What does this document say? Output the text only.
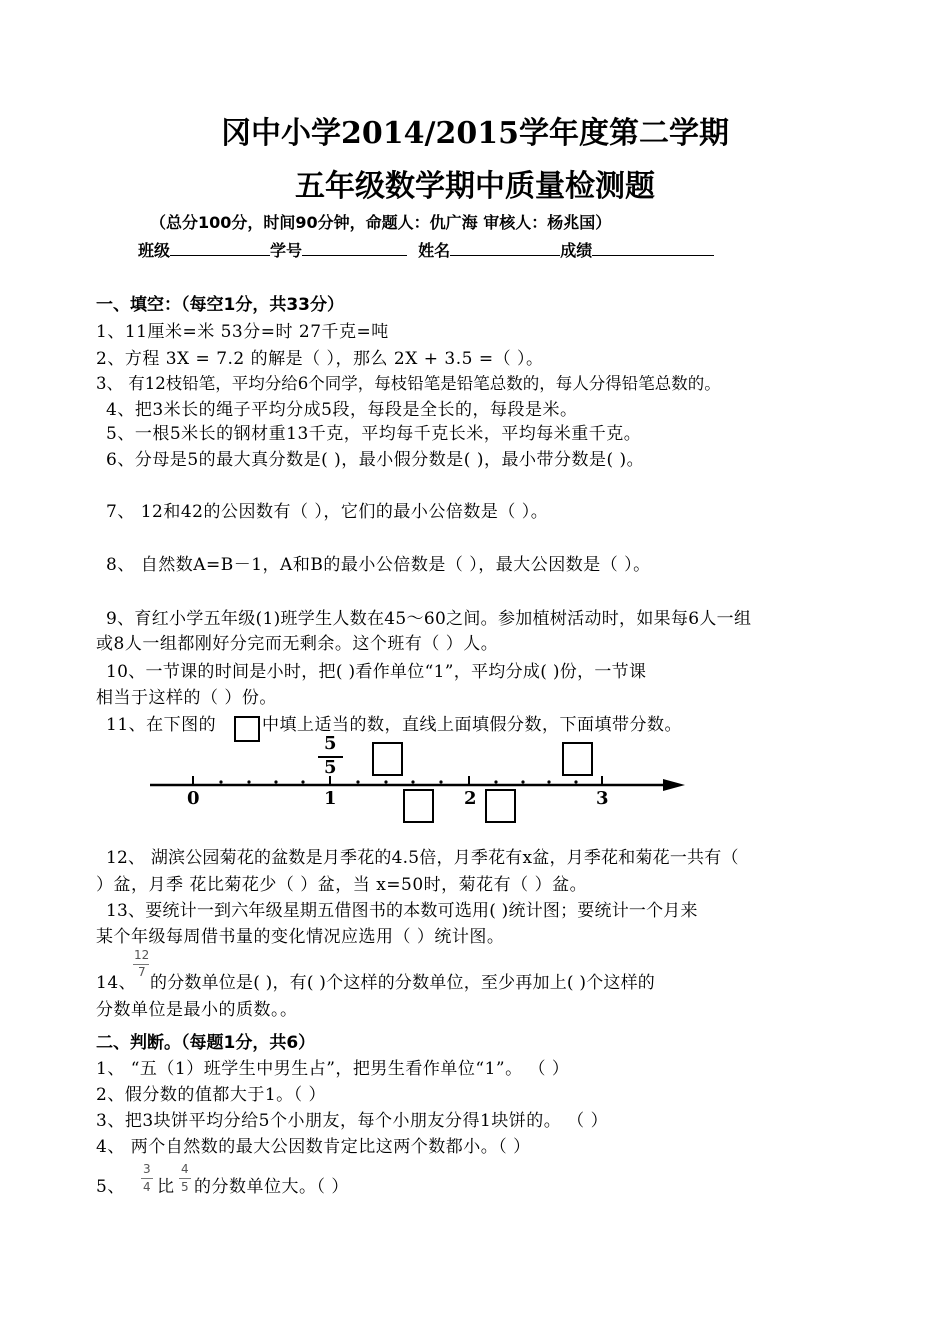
冈中小学2014/2015学年度第二学期
五年级数学期中质量检测题
（总分100分，时间90分钟，命题人：仇广海 审核人：杨兆国）
班级	学号	姓名	成绩
一、填空：（每空1分，共33分）
1、11厘米=米 53分=时 27千克=吨
2、方程 3X = 7.2 的解是（ ），那么 2X + 3.5 =（ ）。
3、 有12枝铅笔，平均分给6个同学，每枝铅笔是铅笔总数的，每人分得铅笔总数的。
4、把3米长的绳子平均分成5段，每段是全长的，每段是米。
5、一根5米长的钢材重13千克，平均每千克长米，平均每米重千克。
6、分母是5的最大真分数是( )，最小假分数是( )，最小带分数是( )。
7、 12和42的公因数有（ ），它们的最小公倍数是（ ）。
8、 自然数A=B－1，A和B的最小公倍数是（ ），最大公因数是（ ）。
9、育红小学五年级(1)班学生人数在45～60之间。参加植树活动时，如果每6人一组
或8人一组都刚好分完而无剩余。这个班有（ ）人。
10、一节课的时间是小时，把( )看作单位“1”，平均分成( )份，一节课
相当于这样的（ ）份。
11、在下图的	中填上适当的数，直线上面填假分数，下面填带分数。
0	1	2	3
5
5
12、 湖滨公园菊花的盆数是月季花的4.5倍，月季花有x盆，月季花和菊花一共有（
）盆，月季 花比菊花少（ ）盆，当 x=50时，菊花有（ ）盆。
13、要统计一到六年级星期五借图书的本数可选用( )统计图；要统计一个月来
某个年级每周借书量的变化情况应选用（ ）统计图。
14、
12
7
的分数单位是( )，有( )个这样的分数单位，至少再加上( )个这样的
分数单位是最小的质数。。
二、判断。（每题1分，共6）
1、 “五（1）班学生中男生占”，把男生看作单位“1”。 （ ）
2、假分数的值都大于1。（ ）
3、把3块饼平均分给5个小朋友，每个小朋友分得1块饼的。 （ ）
4、 两个自然数的最大公因数肯定比这两个数都小。（ ）
5、
3
4 比
4
5 的分数单位大。（ ）
